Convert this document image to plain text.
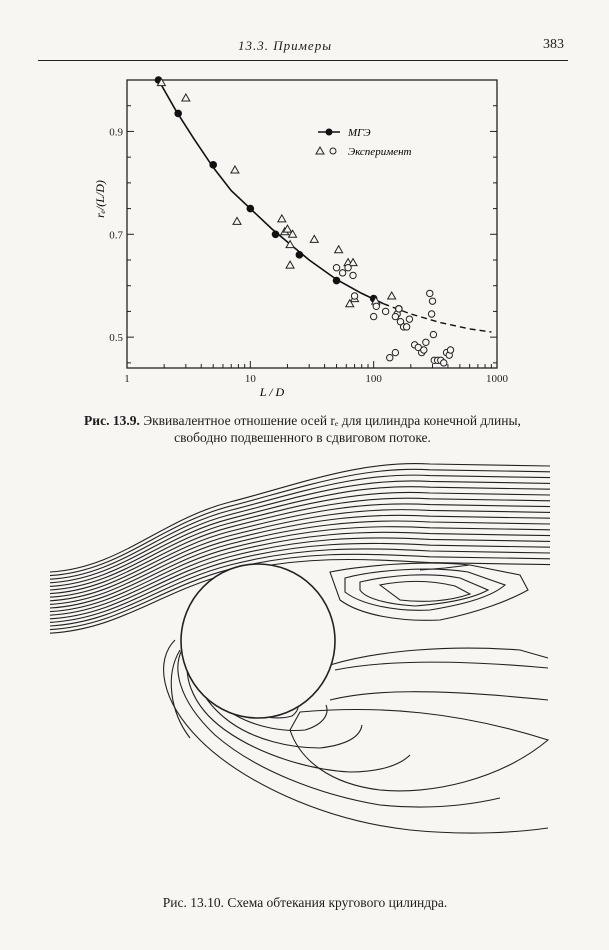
13.3. Примеры	383
1	10	100	1000
0.5
0.7
0.9
L / D
rₑ/(L/D)
МГЭ
Эксперимент
Рис. 13.9. Эквивалентное отношение осей rₑ для цилиндра конечной длины,
свободно подвешенного в сдвиговом потоке.
Рис. 13.10. Схема обтекания кругового цилиндра.
